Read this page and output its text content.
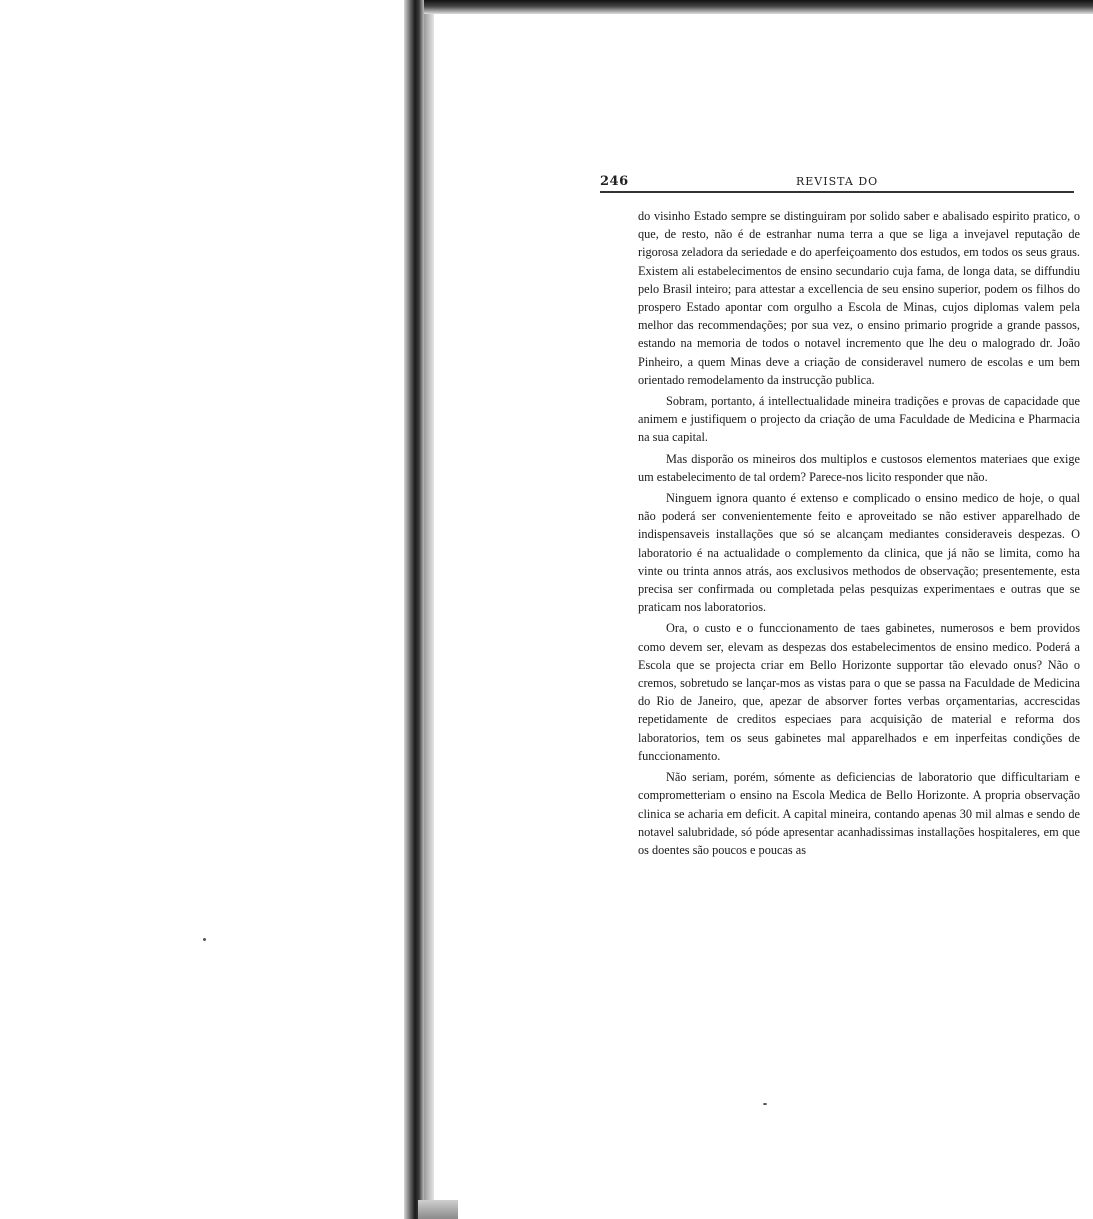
246	REVISTA DO

do visinho Estado sempre se distinguiram por solido saber e abalisado espirito pratico, o que, de resto, não é de estranhar numa terra a que se liga a invejavel reputação de rigorosa zeladora da seriedade e do aperfeiçoamento dos estudos, em todos os seus graus. Existem ali estabelecimentos de ensino secundario cuja fama, de longa data, se diffundiu pelo Brasil inteiro; para attestar a excellencia de seu ensino superior, podem os filhos do prospero Estado apontar com orgulho a Escola de Minas, cujos diplomas valem pela melhor das recommendações; por sua vez, o ensino primario progride a grande passos, estando na memoria de todos o notavel incremento que lhe deu o malogrado dr. João Pinheiro, a quem Minas deve a criação de consideravel numero de escolas e um bem orientado remodelamento da instrucção publica.

Sobram, portanto, á intellectualidade mineira tradições e provas de capacidade que animem e justifiquem o projecto da criação de uma Faculdade de Medicina e Pharmacia na sua capital.

Mas disporão os mineiros dos multiplos e custosos elementos materiaes que exige um estabelecimento de tal ordem? Parece-nos licito responder que não.

Ninguem ignora quanto é extenso e complicado o ensino medico de hoje, o qual não poderá ser convenientemente feito e aproveitado se não estiver apparelhado de indispensaveis installações que só se alcançam mediantes consideraveis despezas. O laboratorio é na actualidade o complemento da clinica, que já não se limita, como ha vinte ou trinta annos atrás, aos exclusivos methodos de observação; presentemente, esta precisa ser confirmada ou completada pelas pesquizas experimentaes e outras que se praticam nos laboratorios.

Ora, o custo e o funccionamento de taes gabinetes, numerosos e bem providos como devem ser, elevam as despezas dos estabelecimentos de ensino medico. Poderá a Escola que se projecta criar em Bello Horizonte supportar tão elevado onus? Não o cremos, sobretudo se lançar-mos as vistas para o que se passa na Faculdade de Medicina do Rio de Janeiro, que, apezar de absorver fortes verbas orçamentarias, accrescidas repetidamente de creditos especiaes para acquisição de material e reforma dos laboratorios, tem os seus gabinetes mal apparelhados e em inperfeitas condições de funccionamento.

Não seriam, porém, sómente as deficiencias de laboratorio que difficultariam e comprometteriam o ensino na Escola Medica de Bello Horizonte. A propria observação clinica se acharia em deficit. A capital mineira, contando apenas 30 mil almas e sendo de notavel salubridade, só póde apresentar acanhadissimas installações hospitaleres, em que os doentes são poucos e poucas as
